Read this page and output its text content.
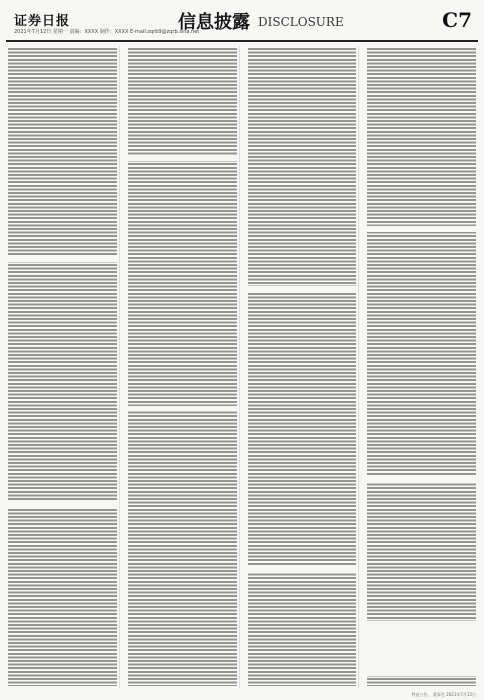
证券日报
2021年7月12日 星期一 责编：XXXX 制作：XXXX E-mail:zqrb9@zqrb.sina.net
信息披露 DISCLOSURE	C7
特此公告。 董事会 2021年7月12日
